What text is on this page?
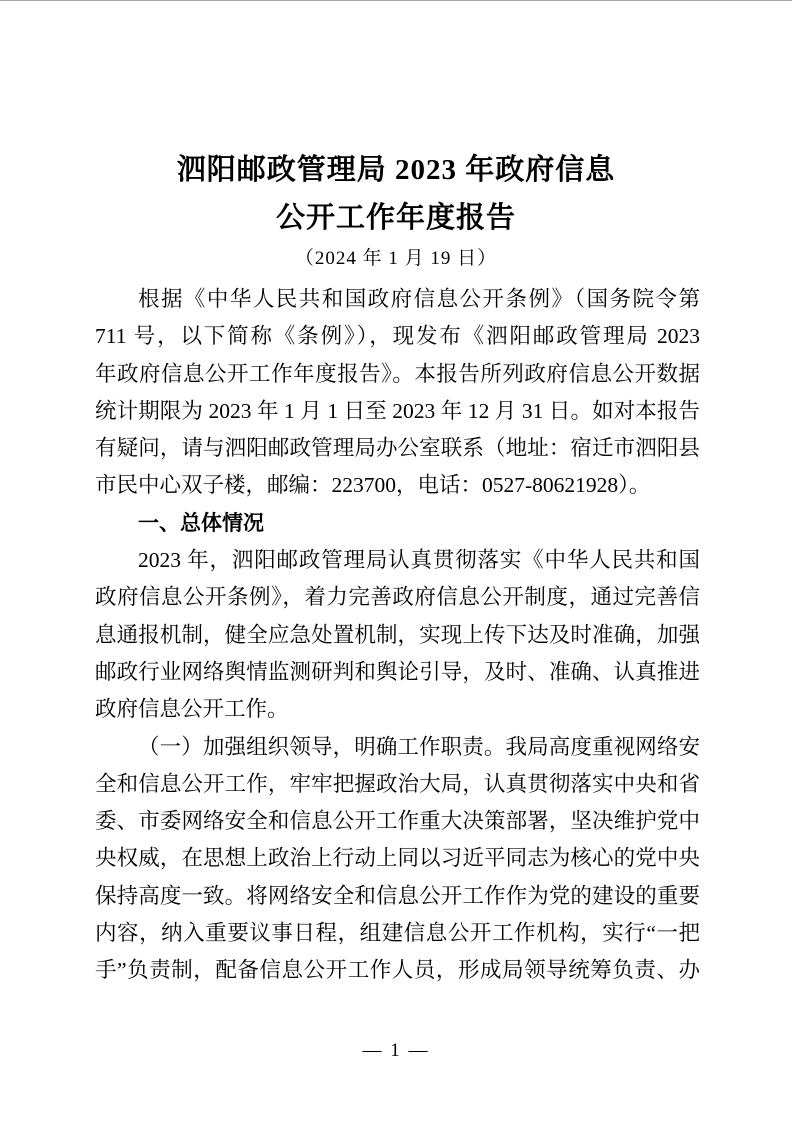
泗阳邮政管理局 2023 年政府信息
公开工作年度报告
（2024 年 1 月 19 日）
根据《中华人民共和国政府信息公开条例》（国务院令第
711 号，以下简称《条例》），现发布《泗阳邮政管理局 2023
年政府信息公开工作年度报告》。本报告所列政府信息公开数据
统计期限为 2023 年 1 月 1 日至 2023 年 12 月 31 日。如对本报告
有疑问，请与泗阳邮政管理局办公室联系（地址：宿迁市泗阳县
市民中心双子楼，邮编：223700，电话：0527-80621928）。
一、总体情况
2023 年，泗阳邮政管理局认真贯彻落实《中华人民共和国
政府信息公开条例》，着力完善政府信息公开制度，通过完善信
息通报机制，健全应急处置机制，实现上传下达及时准确，加强
邮政行业网络舆情监测研判和舆论引导，及时、准确、认真推进
政府信息公开工作。
（一）加强组织领导，明确工作职责。我局高度重视网络安
全和信息公开工作，牢牢把握政治大局，认真贯彻落实中央和省
委、市委网络安全和信息公开工作重大决策部署，坚决维护党中
央权威，在思想上政治上行动上同以习近平同志为核心的党中央
保持高度一致。将网络安全和信息公开工作作为党的建设的重要
内容，纳入重要议事日程，组建信息公开工作机构，实行“一把
手”负责制，配备信息公开工作人员，形成局领导统筹负责、办
— 1 —
